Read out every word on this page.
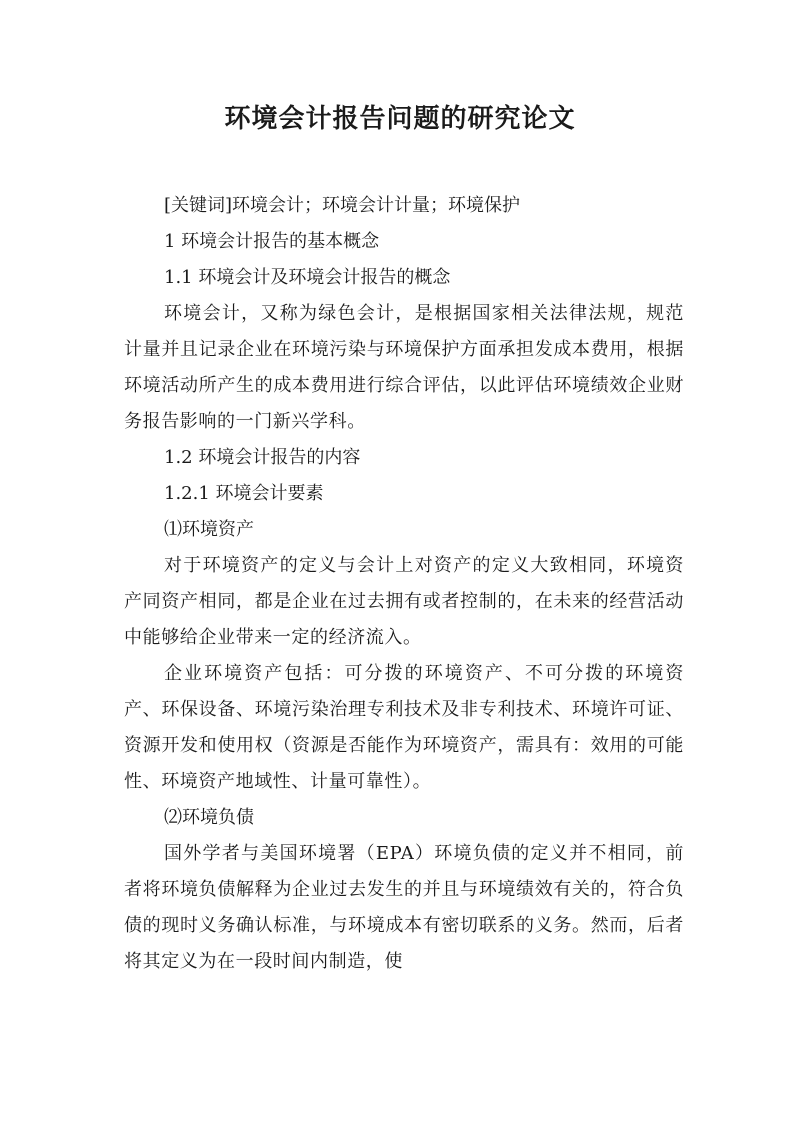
环境会计报告问题的研究论文

[关键词]环境会计；环境会计计量；环境保护

1 环境会计报告的基本概念

1.1 环境会计及环境会计报告的概念

环境会计，又称为绿色会计，是根据国家相关法律法规，规范计量并且记录企业在环境污染与环境保护方面承担发成本费用，根据环境活动所产生的成本费用进行综合评估，以此评估环境绩效企业财务报告影响的一门新兴学科。

1.2 环境会计报告的内容

1.2.1 环境会计要素

⑴环境资产

对于环境资产的定义与会计上对资产的定义大致相同，环境资产同资产相同，都是企业在过去拥有或者控制的，在未来的经营活动中能够给企业带来一定的经济流入。

企业环境资产包括：可分拨的环境资产、不可分拨的环境资产、环保设备、环境污染治理专利技术及非专利技术、环境许可证、资源开发和使用权（资源是否能作为环境资产，需具有：效用的可能性、环境资产地域性、计量可靠性）。

⑵环境负债

国外学者与美国环境署（EPA）环境负债的定义并不相同，前者将环境负债解释为企业过去发生的并且与环境绩效有关的，符合负债的现时义务确认标准，与环境成本有密切联系的义务。然而，后者将其定义为在一段时间内制造，使
